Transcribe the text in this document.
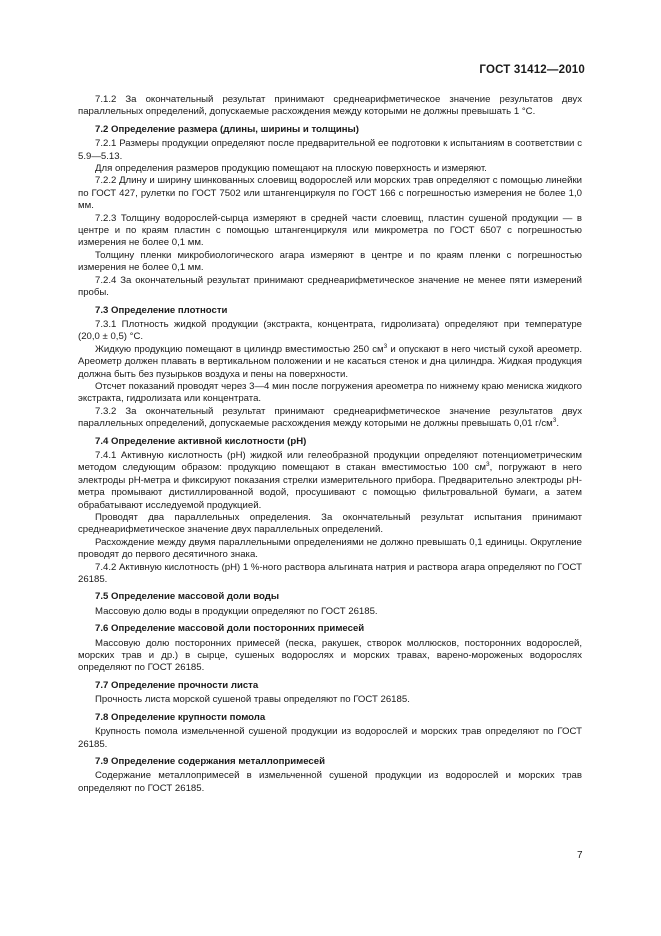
ГОСТ 31412—2010

7.1.2 За окончательный результат принимают среднеарифметическое значение результатов двух параллельных определений, допускаемые расхождения между которыми не должны превышать 1 °С.

7.2 Определение размера (длины, ширины и толщины)

7.2.1 Размеры продукции определяют после предварительной ее подготовки к испытаниям в соответствии с 5.9—5.13.

Для определения размеров продукцию помещают на плоскую поверхность и измеряют.

7.2.2 Длину и ширину шинкованных слоевищ водорослей или морских трав определяют с помощью линейки по ГОСТ 427, рулетки по ГОСТ 7502 или штангенциркуля по ГОСТ 166 с погрешностью измерения не более 1,0 мм.

7.2.3 Толщину водорослей-сырца измеряют в средней части слоевищ, пластин сушеной продукции — в центре и по краям пластин с помощью штангенциркуля или микрометра по ГОСТ 6507 с погрешностью измерения не более 0,1 мм.

Толщину пленки микробиологического агара измеряют в центре и по краям пленки с погрешностью измерения не более 0,1 мм.

7.2.4 За окончательный результат принимают среднеарифметическое значение не менее пяти измерений пробы.

7.3 Определение плотности

7.3.1 Плотность жидкой продукции (экстракта, концентрата, гидролизата) определяют при температуре (20,0 ± 0,5) °С.

Жидкую продукцию помещают в цилиндр вместимостью 250 $см^3$ и опускают в него чистый сухой ареометр. Ареометр должен плавать в вертикальном положении и не касаться стенок и дна цилиндра. Жидкая продукция должна быть без пузырьков воздуха и пены на поверхности.

Отсчет показаний проводят через 3—4 мин после погружения ареометра по нижнему краю мениска жидкого экстракта, гидролизата или концентрата.

7.3.2 За окончательный результат принимают среднеарифметическое значение результатов двух параллельных определений, допускаемые расхождения между которыми не должны превышать 0,01 $г/см^3$.

7.4 Определение активной кислотности (рН)

7.4.1 Активную кислотность (рН) жидкой или гелеобразной продукции определяют потенциометрическим методом следующим образом: продукцию помещают в стакан вместимостью 100 $см^3$, погружают в него электроды рН-метра и фиксируют показания стрелки измерительного прибора. Предварительно электроды рН-метра промывают дистиллированной водой, просушивают с помощью фильтровальной бумаги, а затем обрабатывают исследуемой продукцией.

Проводят два параллельных определения. За окончательный результат испытания принимают среднеарифметическое значение двух параллельных определений.

Расхождение между двумя параллельными определениями не должно превышать 0,1 единицы. Округление проводят до первого десятичного знака.

7.4.2 Активную кислотность (рН) 1 %-ного раствора альгината натрия и раствора агара определяют по ГОСТ 26185.

7.5 Определение массовой доли воды

Массовую долю воды в продукции определяют по ГОСТ 26185.

7.6 Определение массовой доли посторонних примесей

Массовую долю посторонних примесей (песка, ракушек, створок моллюсков, посторонних водорослей, морских трав и др.) в сырце, сушеных водорослях и морских травах, варено-мороженых водорослях определяют по ГОСТ 26185.

7.7 Определение прочности листа

Прочность листа морской сушеной травы определяют по ГОСТ 26185.

7.8 Определение крупности помола

Крупность помола измельченной сушеной продукции из водорослей и морских трав определяют по ГОСТ 26185.

7.9 Определение содержания металлопримесей

Содержание металлопримесей в измельченной сушеной продукции из водорослей и морских трав определяют по ГОСТ 26185.

7
